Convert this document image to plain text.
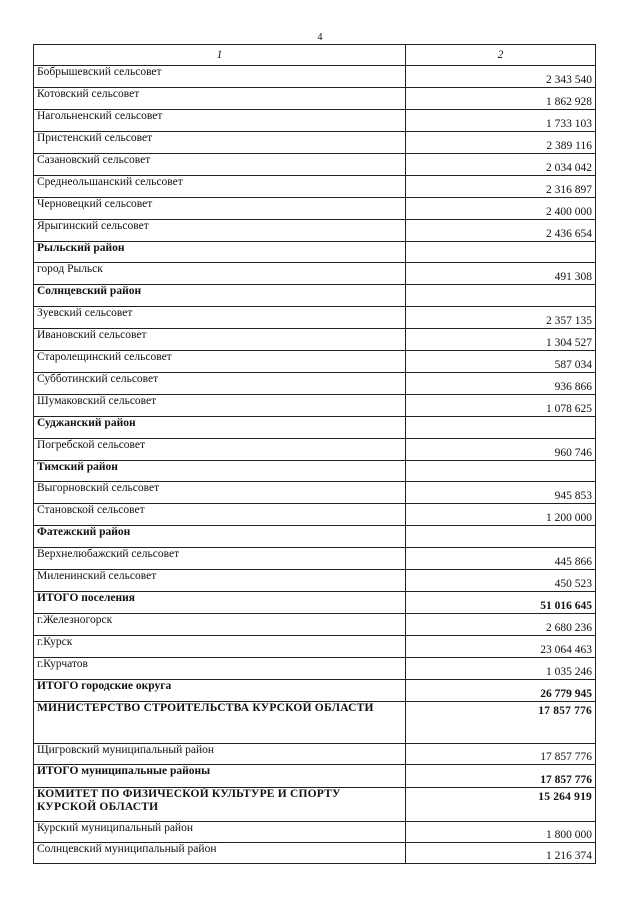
4
1	2
Бобрышевский сельсовет	2 343 540
Котовский сельсовет	1 862 928
Нагольненский сельсовет	1 733 103
Пристенский сельсовет	2 389 116
Сазановский сельсовет	2 034 042
Среднеольшанский сельсовет	2 316 897
Черновецкий сельсовет	2 400 000
Ярыгинский сельсовет	2 436 654
Рыльский район	
город Рыльск	491 308
Солнцевский район	
Зуевский сельсовет	2 357 135
Ивановский сельсовет	1 304 527
Старолещинский сельсовет	587 034
Субботинский сельсовет	936 866
Шумаковский сельсовет	1 078 625
Суджанский район	
Погребской сельсовет	960 746
Тимский район	
Выгорновский сельсовет	945 853
Становской сельсовет	1 200 000
Фатежский район	
Верхнелюбажский сельсовет	445 866
Миленинский сельсовет	450 523
ИТОГО поселения	51 016 645
г.Железногорск	2 680 236
г.Курск	23 064 463
г.Курчатов	1 035 246
ИТОГО городские округа	26 779 945
МИНИСТЕРСТВО СТРОИТЕЛЬСТВА КУРСКОЙ ОБЛАСТИ	17 857 776
Щигровский муниципальный район	17 857 776
ИТОГО муниципальные районы	17 857 776
КОМИТЕТ ПО ФИЗИЧЕСКОЙ КУЛЬТУРЕ И СПОРТУ КУРСКОЙ ОБЛАСТИ	15 264 919
Курский муниципальный район	1 800 000
Солнцевский муниципальный район	1 216 374
